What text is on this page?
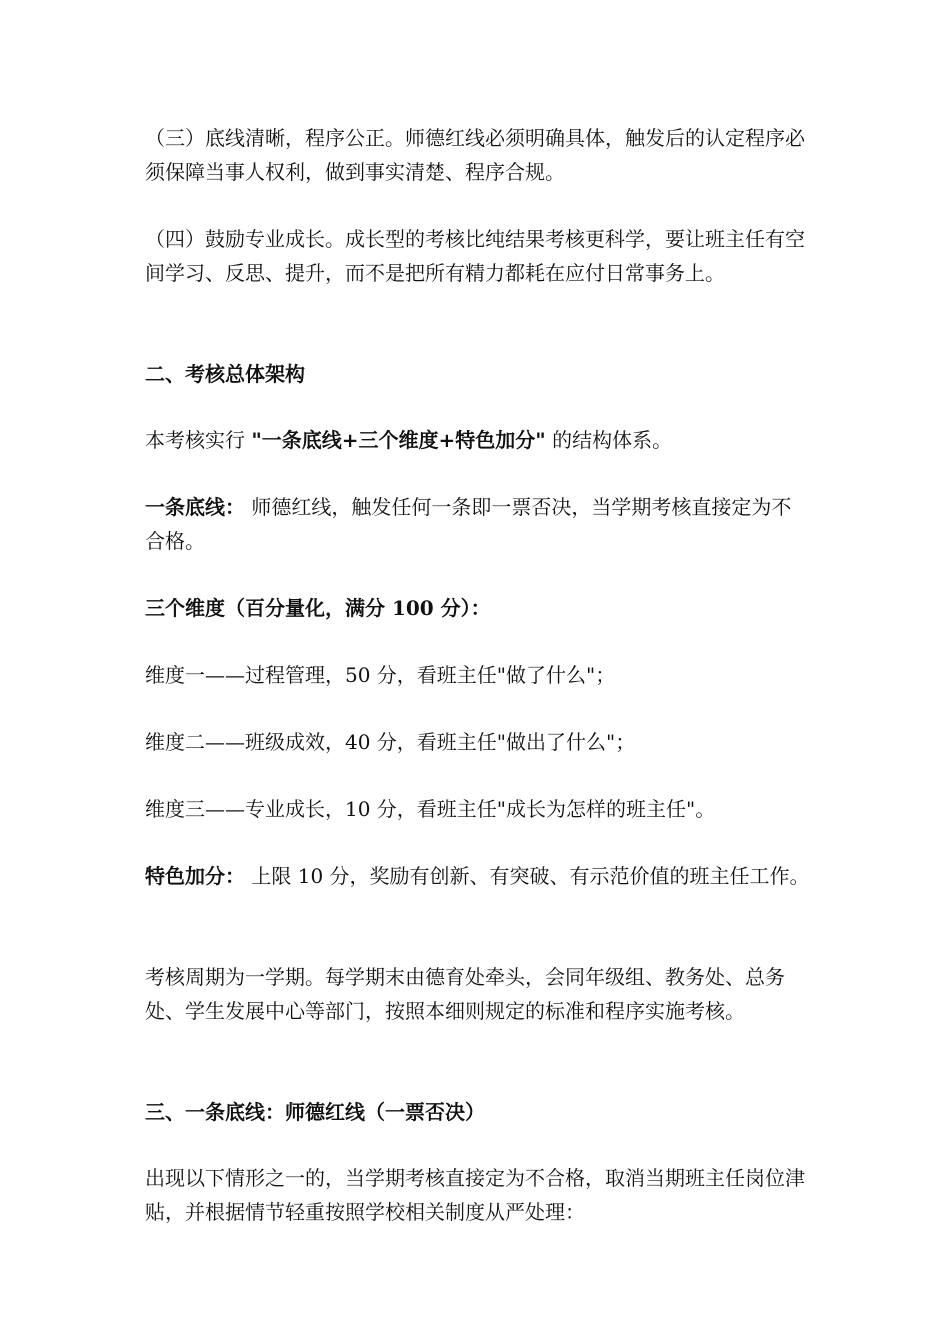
（三）底线清晰，程序公正。师德红线必须明确具体，触发后的认定程序必须保障当事人权利，做到事实清楚、程序合规。

（四）鼓励专业成长。成长型的考核比纯结果考核更科学，要让班主任有空间学习、反思、提升，而不是把所有精力都耗在应付日常事务上。

二、考核总体架构

本考核实行 "一条底线+三个维度+特色加分" 的结构体系。

一条底线： 师德红线，触发任何一条即一票否决，当学期考核直接定为不合格。

三个维度（百分量化，满分 100 分）：

维度一——过程管理，50 分，看班主任"做了什么"；

维度二——班级成效，40 分，看班主任"做出了什么"；

维度三——专业成长，10 分，看班主任"成长为怎样的班主任"。

特色加分： 上限 10 分，奖励有创新、有突破、有示范价值的班主任工作。

考核周期为一学期。每学期末由德育处牵头，会同年级组、教务处、总务处、学生发展中心等部门，按照本细则规定的标准和程序实施考核。

三、一条底线：师德红线（一票否决）

出现以下情形之一的，当学期考核直接定为不合格，取消当期班主任岗位津贴，并根据情节轻重按照学校相关制度从严处理：
